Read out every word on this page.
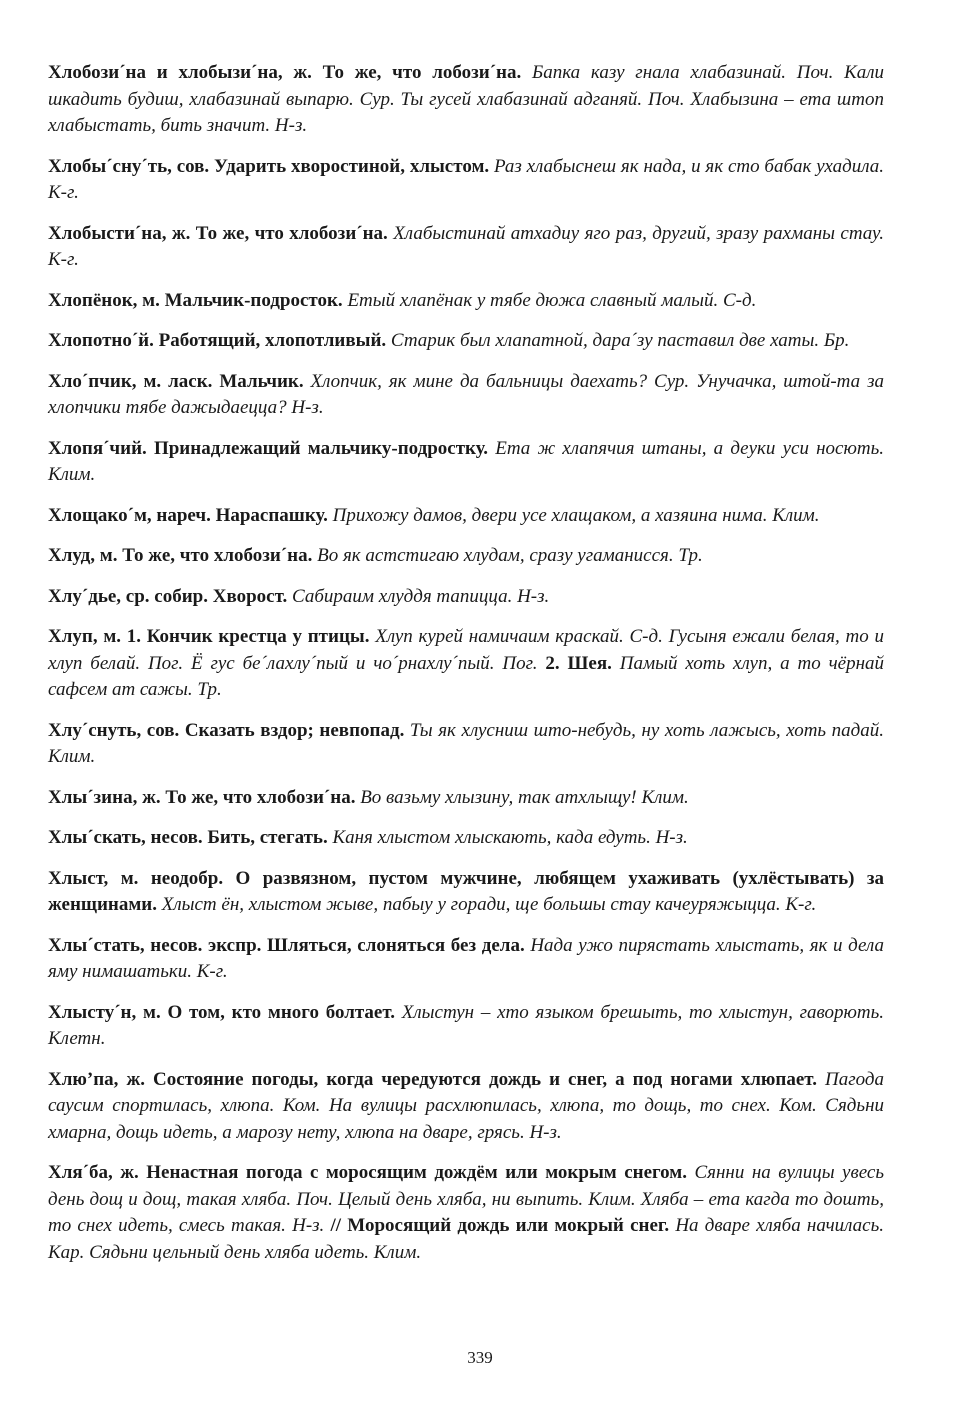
Хлобози´на и хлобызи´на, ж. То же, что лобози´на. Бапка казу гнала хлабазинай. Поч. Кали шкадить будиш, хлабазинай выпарю. Сур. Ты гусей хлабазинай адганяй. Поч. Хлабызина – ета штоп хлабыстать, бить значит. Н-з.

Хлобы´сну´ть, сов. Ударить хворостиной, хлыстом. Раз хлабыснеш як нада, и як сто бабак ухадила. К-г.

Хлобысти´на, ж. То же, что хлобози´на. Хлабыстинай атхадиу яго раз, другий, зразу рахманы стау. К-г.

Хлопёнок, м. Мальчик-подросток. Етый хлапёнак у тябе дюжа славный малый. С-д.

Хлопотно´й. Работящий, хлопотливый. Старик был хлапатной, дара´зу паставил две хаты. Бр.

Хло´пчик, м. ласк. Мальчик. Хлопчик, як мине да бальницы даехать? Сур. Унучачка, штой-та за хлопчики тябе дажыдаецца? Н-з.

Хлопя´чий. Принадлежащий мальчику-подростку. Ета ж хлапячия штаны, а деуки уси носють. Клим.

Хлощако´м, нареч. Нараспашку. Прихожу дамов, двери усе хлащаком, а хазяина нима. Клим.

Хлуд, м. То же, что хлобози´на. Во як астстигаю хлудам, сразу угаманисся. Тр.

Хлу´дье, ср. собир. Хворост. Сабираим хлуддя тапицца. Н-з.

Хлуп, м. 1. Кончик крестца у птицы. Хлуп курей намичаим краскай. С-д. Гусыня ежали белая, то и хлуп белай. Пог. Ё гус бе´лахлу´пый и чо´рнахлу´пый. Пог. 2. Шея. Памый хоть хлуп, а то чёрнай сафсем ат сажы. Тр.

Хлу´снуть, сов. Сказать вздор; невпопад. Ты як хлусниш што-небудь, ну хоть лажысь, хоть падай. Клим.

Хлы´зина, ж. То же, что хлобози´на. Во вазьму хлызину, так атхлыщу! Клим.

Хлы´скать, несов. Бить, стегать. Каня хлыстом хлыскають, када едуть. Н-з.

Хлыст, м. неодобр. О развязном, пустом мужчине, любящем ухаживать (ухлёстывать) за женщинами. Хлыст ён, хлыстом жыве, пабыу у горади, ще большы стау качеуряжыцца. К-г.

Хлы´стать, несов. экспр. Шляться, слоняться без дела. Нада ужо пирястать хлыстать, як и дела яму нимашатьки. К-г.

Хлысту´н, м. О том, кто много болтает. Хлыстун – хто языком брешыть, то хлыстун, гаворють. Клетн.

Хлю’па, ж. Состояние погоды, когда чередуются дождь и снег, а под ногами хлюпает. Пагода саусим спортилась, хлюпа. Ком. На вулицы расхлюпилась, хлюпа, то дощь, то снех. Ком. Сядьни хмарна, дощь идеть, а марозу нету, хлюпа на дваре, грясь. Н-з.

Хля´ба, ж. Ненастная погода с моросящим дождём или мокрым снегом. Сянни на вулицы увесь день дощ и дощ, такая хляба. Поч. Целый день хляба, ни выпить. Клим. Хляба – ета кагда то дошть, то снех идеть, смесь такая. Н-з. // Моросящий дождь или мокрый снег. На дваре хляба начилась. Кар. Сядьни цельный день хляба идеть. Клим.

339
